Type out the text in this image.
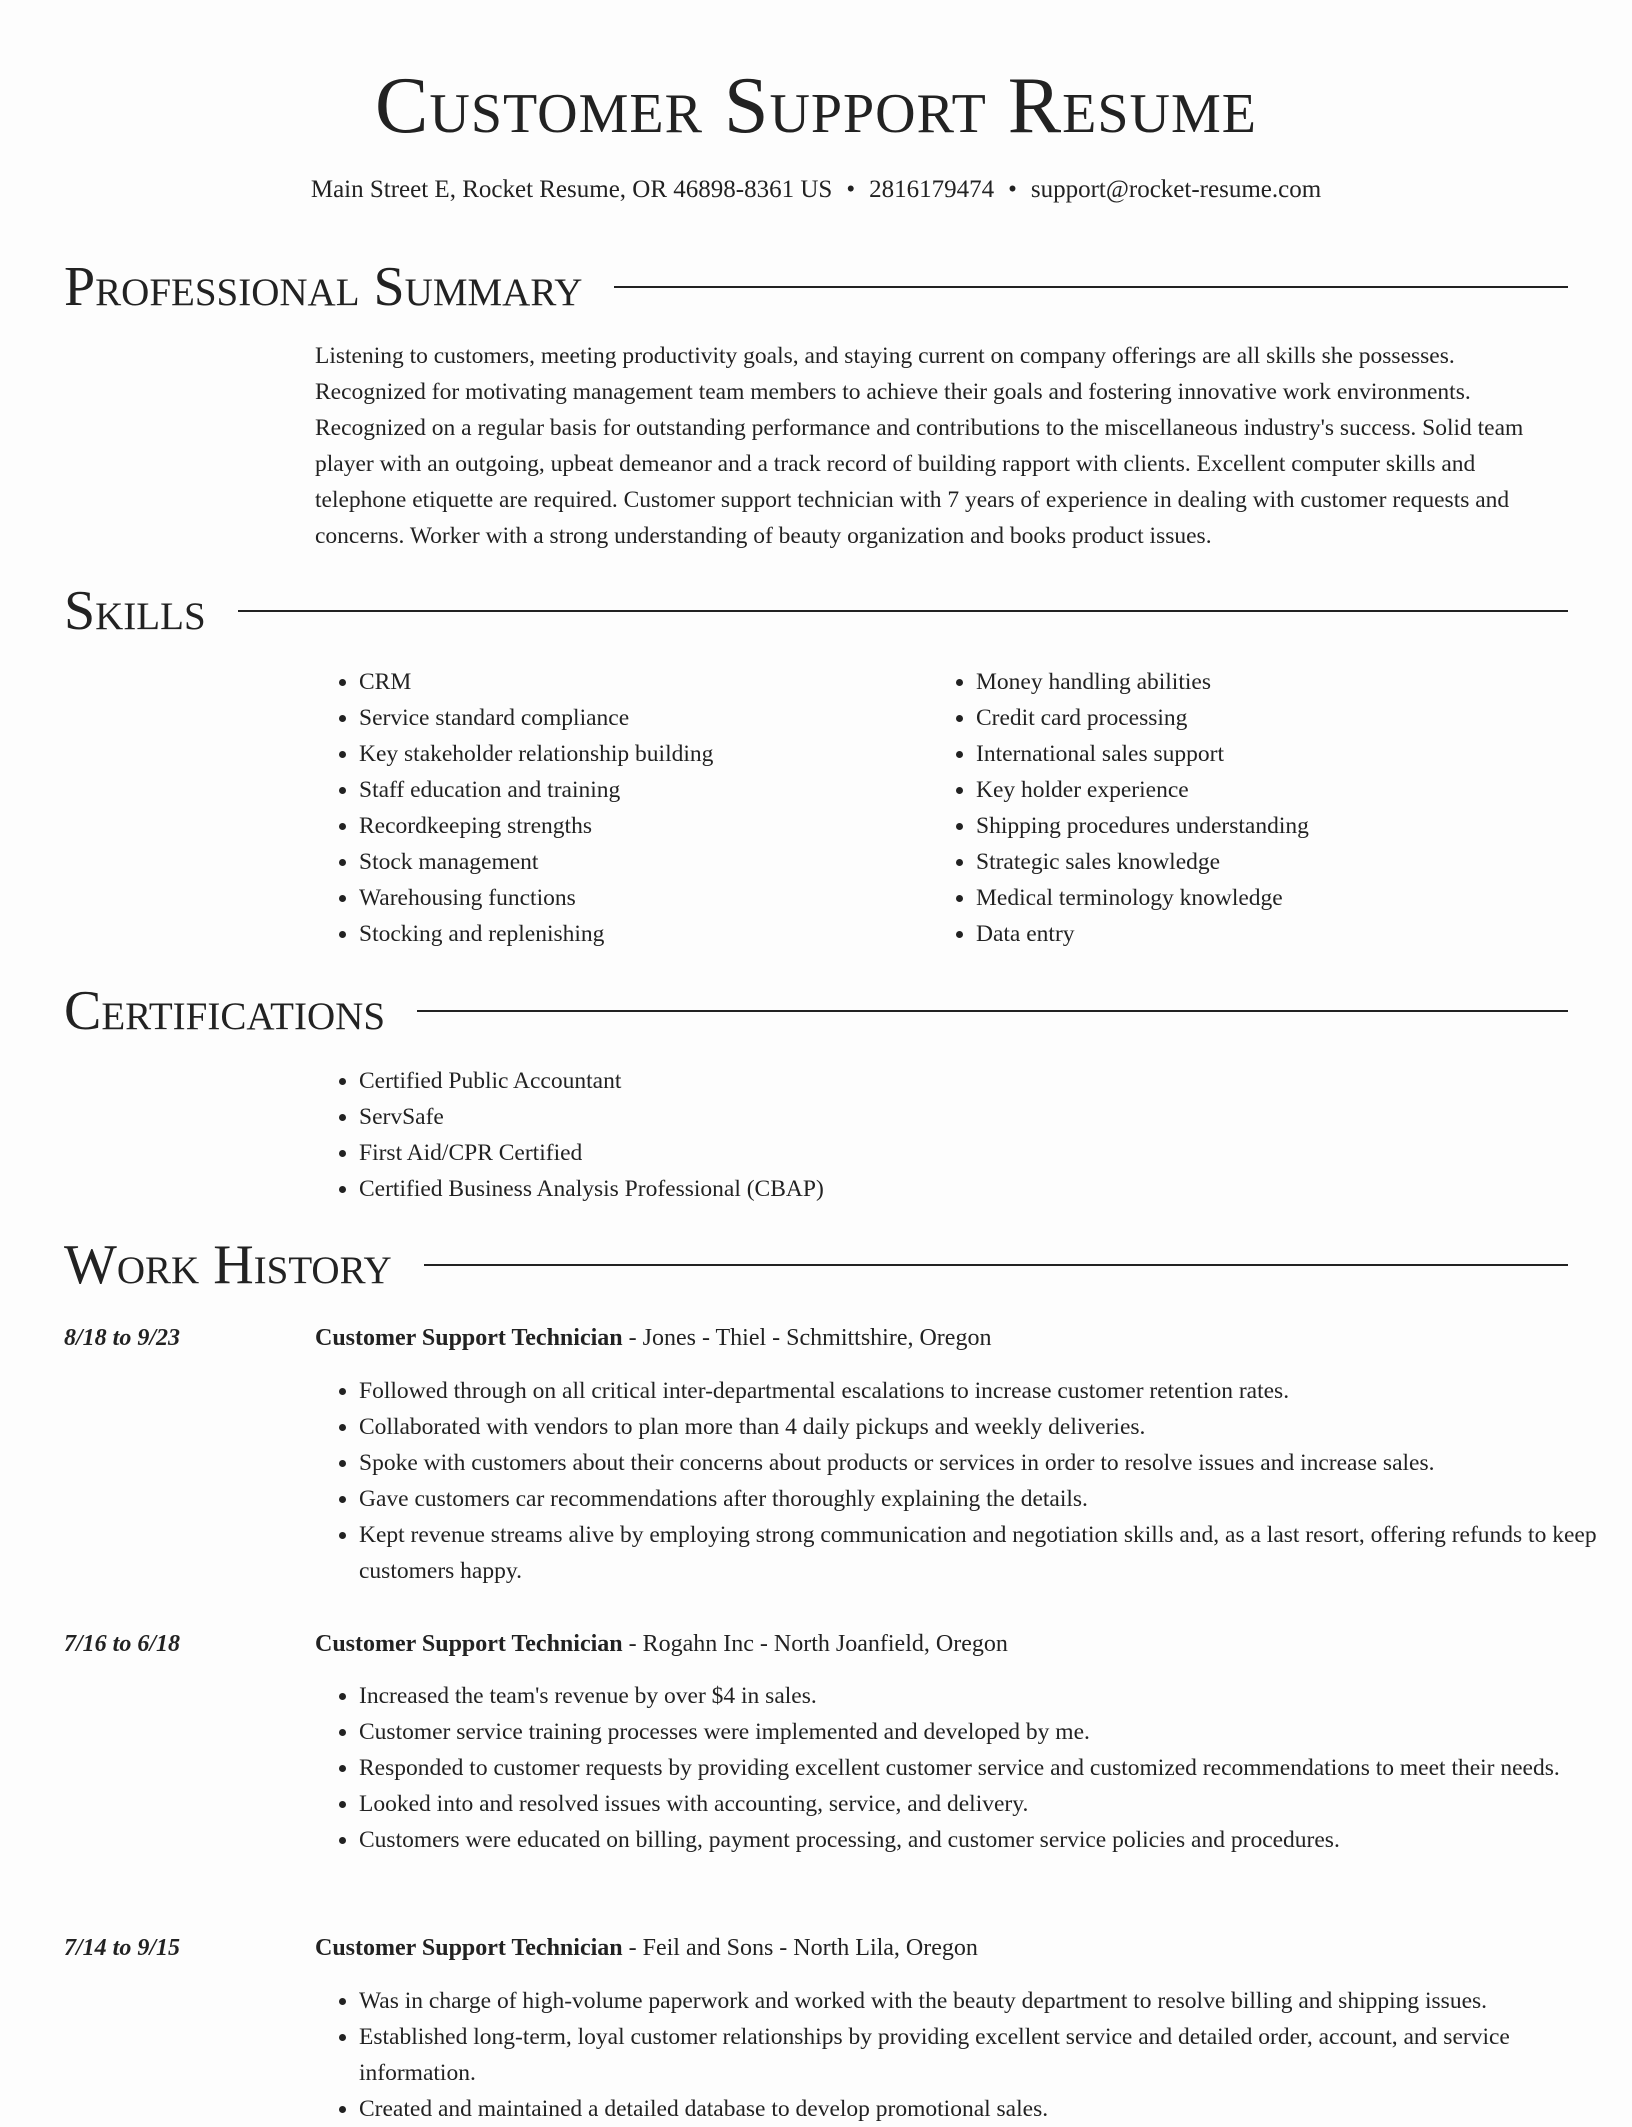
Customer Support Resume
Main Street E, Rocket Resume, OR 46898-8361 US • 2816179474 • support@rocket-resume.com
Professional Summary

Listening to customers, meeting productivity goals, and staying current on company offerings are all skills she possesses. Recognized for motivating management team members to achieve their goals and fostering innovative work environments. Recognized on a regular basis for outstanding performance and contributions to the miscellaneous industry's success. Solid team player with an outgoing, upbeat demeanor and a track record of building rapport with clients. Excellent computer skills and telephone etiquette are required. Customer support technician with 7 years of experience in dealing with customer requests and concerns. Worker with a strong understanding of beauty organization and books product issues.

Skills
• CRM
• Service standard compliance
• Key stakeholder relationship building
• Staff education and training
• Recordkeeping strengths
• Stock management
• Warehousing functions
• Stocking and replenishing
• Money handling abilities
• Credit card processing
• International sales support
• Key holder experience
• Shipping procedures understanding
• Strategic sales knowledge
• Medical terminology knowledge
• Data entry
Certifications
• Certified Public Accountant
• ServSafe
• First Aid/CPR Certified
• Certified Business Analysis Professional (CBAP)
Work History
8/18 to 9/23	Customer Support Technician - Jones - Thiel - Schmittshire, Oregon
• Followed through on all critical inter-departmental escalations to increase customer retention rates.
• Collaborated with vendors to plan more than 4 daily pickups and weekly deliveries.
• Spoke with customers about their concerns about products or services in order to resolve issues and increase sales.
• Gave customers car recommendations after thoroughly explaining the details.
• Kept revenue streams alive by employing strong communication and negotiation skills and, as a last resort, offering refunds to keep customers happy.
7/16 to 6/18	Customer Support Technician - Rogahn Inc - North Joanfield, Oregon
• Increased the team's revenue by over $4 in sales.
• Customer service training processes were implemented and developed by me.
• Responded to customer requests by providing excellent customer service and customized recommendations to meet their needs.
• Looked into and resolved issues with accounting, service, and delivery.
• Customers were educated on billing, payment processing, and customer service policies and procedures.
7/14 to 9/15	Customer Support Technician - Feil and Sons - North Lila, Oregon
• Was in charge of high-volume paperwork and worked with the beauty department to resolve billing and shipping issues.
• Established long-term, loyal customer relationships by providing excellent service and detailed order, account, and service information.
• Created and maintained a detailed database to develop promotional sales.
